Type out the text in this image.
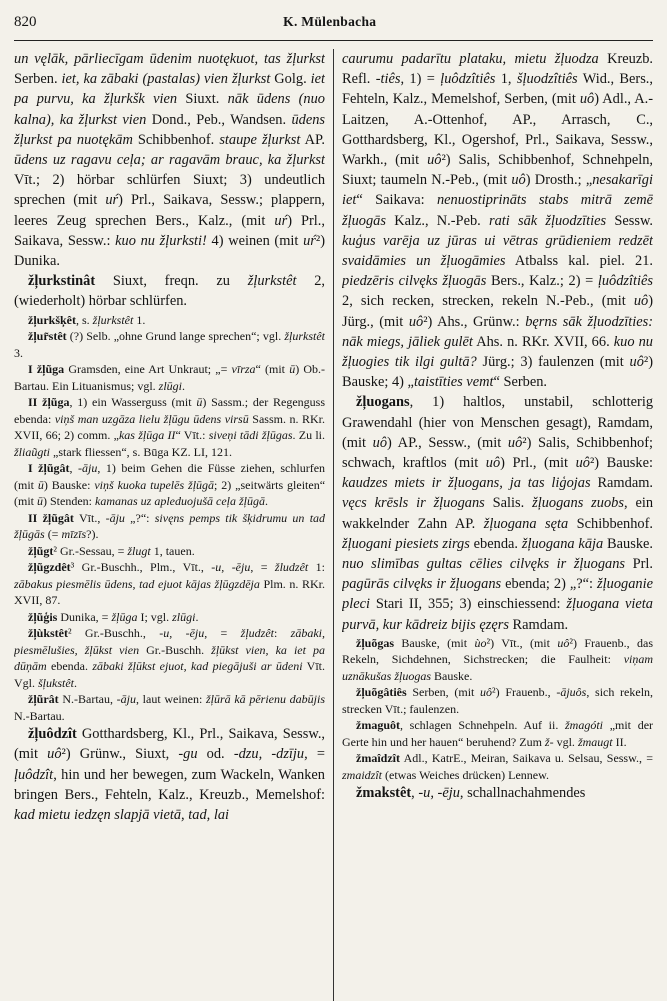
820	K. Mülenbacha

un vęlāk, pārliecīgam ūdenim nuotękuot, tas žļurkst Serben. iet, ka zābaki (pastalas) vien žļurkst Golg. iet pa purvu, ka žļurkšk vien Siuxt. nāk ūdens (nuo kalna), ka žļurkst vien Dond., Peb., Wandsen. ūdens žļurkst pa nuotękām Schibbenhof. staupe žļurkst AP. ūdens uz ragavu ceļa; ar ragavām brauc, ka žļurkst Vīt.; 2) hörbar schlürfen Siuxt; 3) undeutlich sprechen (mit uŕ) Prl., Saikava, Sessw.; plappern, leeres Zeug sprechen Bers., Kalz., (mit uŕ) Prl., Saikava, Sessw.: kuo nu žļurksti! 4) weinen (mit uŕ²) Dunika.

žļurkstinât Siuxt, freqn. zu žļurkstêt 2, (wiederholt) hörbar schlürfen.

žļurkšķêt, s. žļurkstêt 1.

žļur̃stêt (?) Selb. „ohne Grund lange sprechen“; vgl. žļurkstêt 3.

I žļũga Gramsden, eine Art Unkraut; „= vīrza“ (mit ū) Ob.-Bartau. Ein Lituanismus; vgl. zlūgi.

II žļũga, 1) ein Wasserguss (mit ū) Sassm.; der Regenguss ebenda: viņš man uzgāza lielu žļūgu ūdens virsū Sassm. n. RKr. XVII, 66; 2) comm. „kas žļūga II“ Vīt.: siveņi tādi žļūgas. Zu li. žliaũgti „stark fliessen“, s. Būga KZ. LI, 121.

I žļũgât, -āju, 1) beim Gehen die Füsse ziehen, schlurfen (mit ū) Bauske: viņš kuoka tupelēs žļūgā; 2) „seitwärts gleiten“ (mit ū) Stenden: kamanas uz apleduojušā ceļa žļūgā.

II žļũgât Vīt., -āju „?“: sivęns pemps tik šķidrumu un tad žļūgās (= mīzīs?).

žļũgt² Gr.-Sessau, = žlugt 1, tauen.

žļũgzdêt³ Gr.-Buschh., Plm., Vīt., -u, -ēju, = žludzêt 1: zābakus piesmēlis ūdens, tad ejuot kājas žļūgzdēja Plm. n. RKr. XVII, 87.

žļũģis Dunika, = žļūga I; vgl. zlūgi.

žļùkstêt² Gr.-Buschh., -u, -ēju, = žļudzêt: zābaki, piesmēlušies, žļūkst vien Gr.-Buschh. žļūkst vien, ka iet pa dūņām ebenda. zābaki žļūkst ejuot, kad piegājuši ar ūdeni Vīt. Vgl. šļukstêt.

žļũrât N.-Bartau, -āju, laut weinen: žļūrā kā pērienu dabūjis N.-Bartau.

žļuôdzît Gotthardsberg, Kl., Prl., Saikava, Sessw., (mit uô²) Grünw., Siuxt, -gu od. -dzu, -dzīju, = ļuôdzît, hin und her bewegen, zum Wackeln, Wanken bringen Bers., Fehteln, Kalz., Kreuzb., Memelshof: kad mietu iedzęn slapjā vietā, tad, lai

caurumu padarītu plataku, mietu žļuodza Kreuzb. Refl. -tiês, 1) = ļuôdzîtiês 1, šļuodzîtiês Wid., Bers., Fehteln, Kalz., Memelshof, Serben, (mit uô) Adl., A.-Laitzen, A.-Ottenhof, AP., Arrasch, C., Gotthardsberg, Kl., Ogershof, Prl., Saikava, Sessw., Warkh., (mit uô²) Salis, Schibbenhof, Schnehpeln, Siuxt; taumeln N.-Peb., (mit uô) Drosth.; „nesakarīgi iet“ Saikava: nenuostiprināts stabs mitrā zemē žļuogās Kalz., N.-Peb. rati sāk žļuodzīties Sessw. kuģus varēja uz jūras ui vētras grūdieniem redzēt svaidāmies un žļuogāmies Atbalss kal. piel. 21. piedzēris cilvęks žļuogās Bers., Kalz.; 2) = ļuôdzîtiês 2, sich recken, strecken, rekeln N.-Peb., (mit uô) Jürg., (mit uô²) Ahs., Grünw.: bęrns sāk žļuodzīties: nāk miegs, jāliek gulēt Ahs. n. RKr. XVII, 66. kuo nu žļuogies tik ilgi gultā? Jürg.; 3) faulenzen (mit uô²) Bauske; 4) „taistīties vemt“ Serben.

žļuogans, 1) haltlos, unstabil, schlotterig Grawendahl (hier von Menschen gesagt), Ramdam, (mit uô) AP., Sessw., (mit uô²) Salis, Schibbenhof; schwach, kraftlos (mit uô) Prl., (mit uô²) Bauske: kaudzes miets ir žļuogans, ja tas liģojas Ramdam. vęcs krēsls ir žļuogans Salis. žļuogans zuobs, ein wakkelnder Zahn AP. žļuogana sęta Schibbenhof. žļuogani piesiets zirgs ebenda. žļuogana kāja Bauske. nuo slimības gultas cēlies cilvęks ir žļuogans Prl. pagūrās cilvęks ir žļuogans ebenda; 2) „?“: žļuoganie pleci Stari II, 355; 3) einschiessend: žļuogana vieta purvā, kur kādreiz bijis ęzęrs Ramdam.

žļuõgas Bauske, (mit ùo²) Vīt., (mit uô²) Frauenb., das Rekeln, Sichdehnen, Sichstrecken; die Faulheit: viņam uznākušas žļuogas Bauske.

žļuõgâtiês Serben, (mit uô²) Frauenb., -ājuôs, sich rekeln, strecken Vīt.; faulenzen.

žmaguôt, schlagen Schnehpeln. Auf ii. žmagóti „mit der Gerte hin und her hauen“ beruhend? Zum ž- vgl. žmaugt II.

žmaîdzît Adl., KatrE., Meiran, Saikava u. Selsau, Sessw., = zmaidzît (etwas Weiches drücken) Lennew.

žmakstêt, -u, -ēju, schallnachahmendes
